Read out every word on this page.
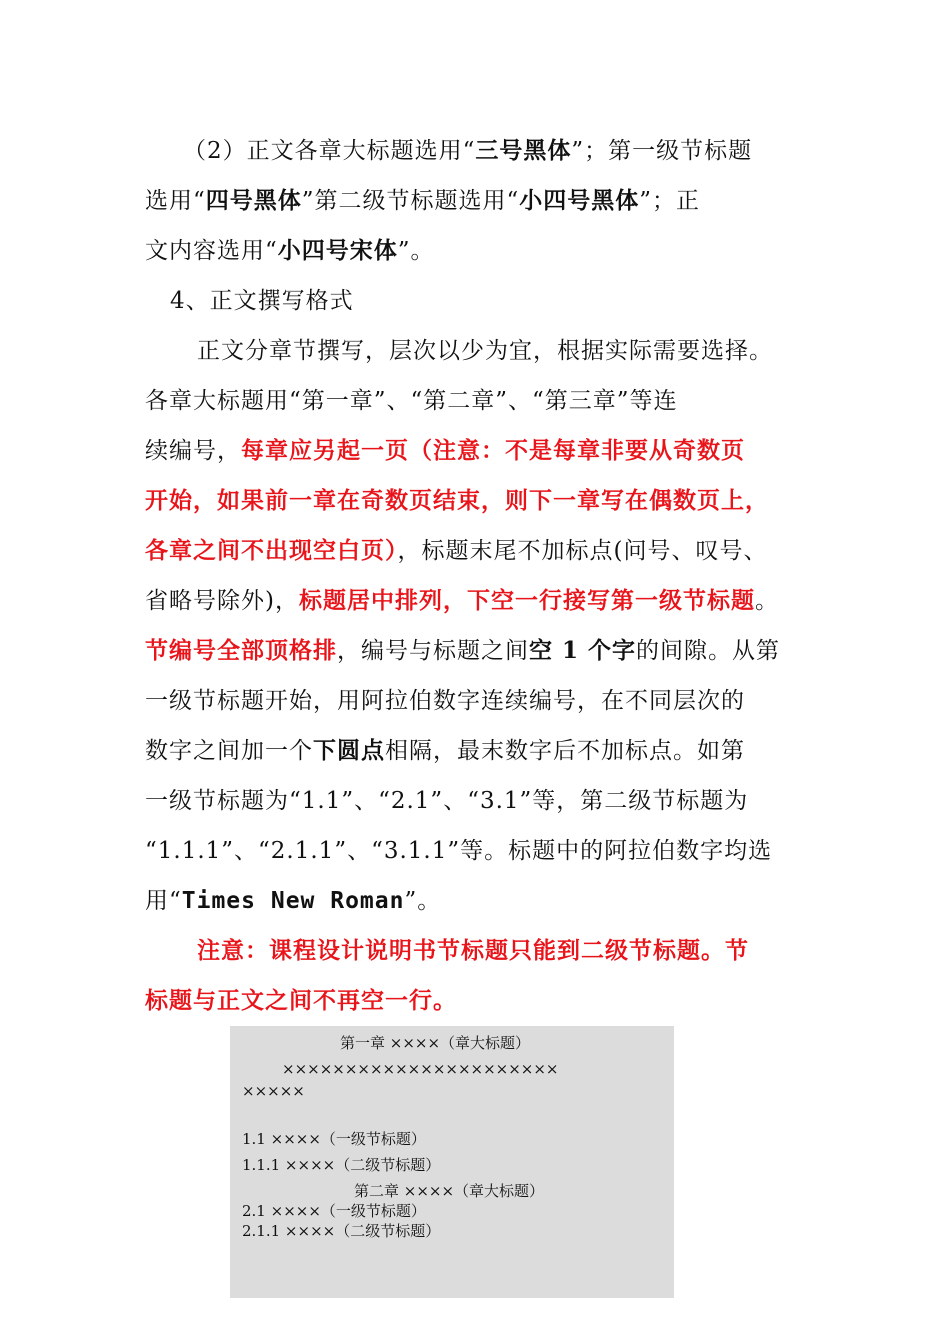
（2）正文各章大标题选用“三号黑体”；第一级节标题
选用“四号黑体”第二级节标题选用“小四号黑体”；正
文内容选用“小四号宋体”。
4、正文撰写格式
正文分章节撰写，层次以少为宜，根据实际需要选择。
各章大标题用“第一章”、“第二章”、“第三章”等连
续编号，每章应另起一页（注意：不是每章非要从奇数页
开始，如果前一章在奇数页结束，则下一章写在偶数页上，
各章之间不出现空白页），标题末尾不加标点(问号、叹号、
省略号除外)，标题居中排列，下空一行接写第一级节标题。
节编号全部顶格排，编号与标题之间空 1 个字的间隙。从第
一级节标题开始，用阿拉伯数字连续编号，在不同层次的
数字之间加一个下圆点相隔，最末数字后不加标点。如第
一级节标题为“1.1”、“2.1”、“3.1”等，第二级节标题为
“1.1.1”、“2.1.1”、“3.1.1”等。标题中的阿拉伯数字均选
用“Times New Roman”。
注意：课程设计说明书节标题只能到二级节标题。节
标题与正文之间不再空一行。
第一章 ××××（章大标题）
××××××××××××××××××××××
×××××
1.1 ××××（一级节标题）
1.1.1 ××××（二级节标题）
第二章 ××××（章大标题）
2.1 ××××（一级节标题）
2.1.1 ××××（二级节标题）
